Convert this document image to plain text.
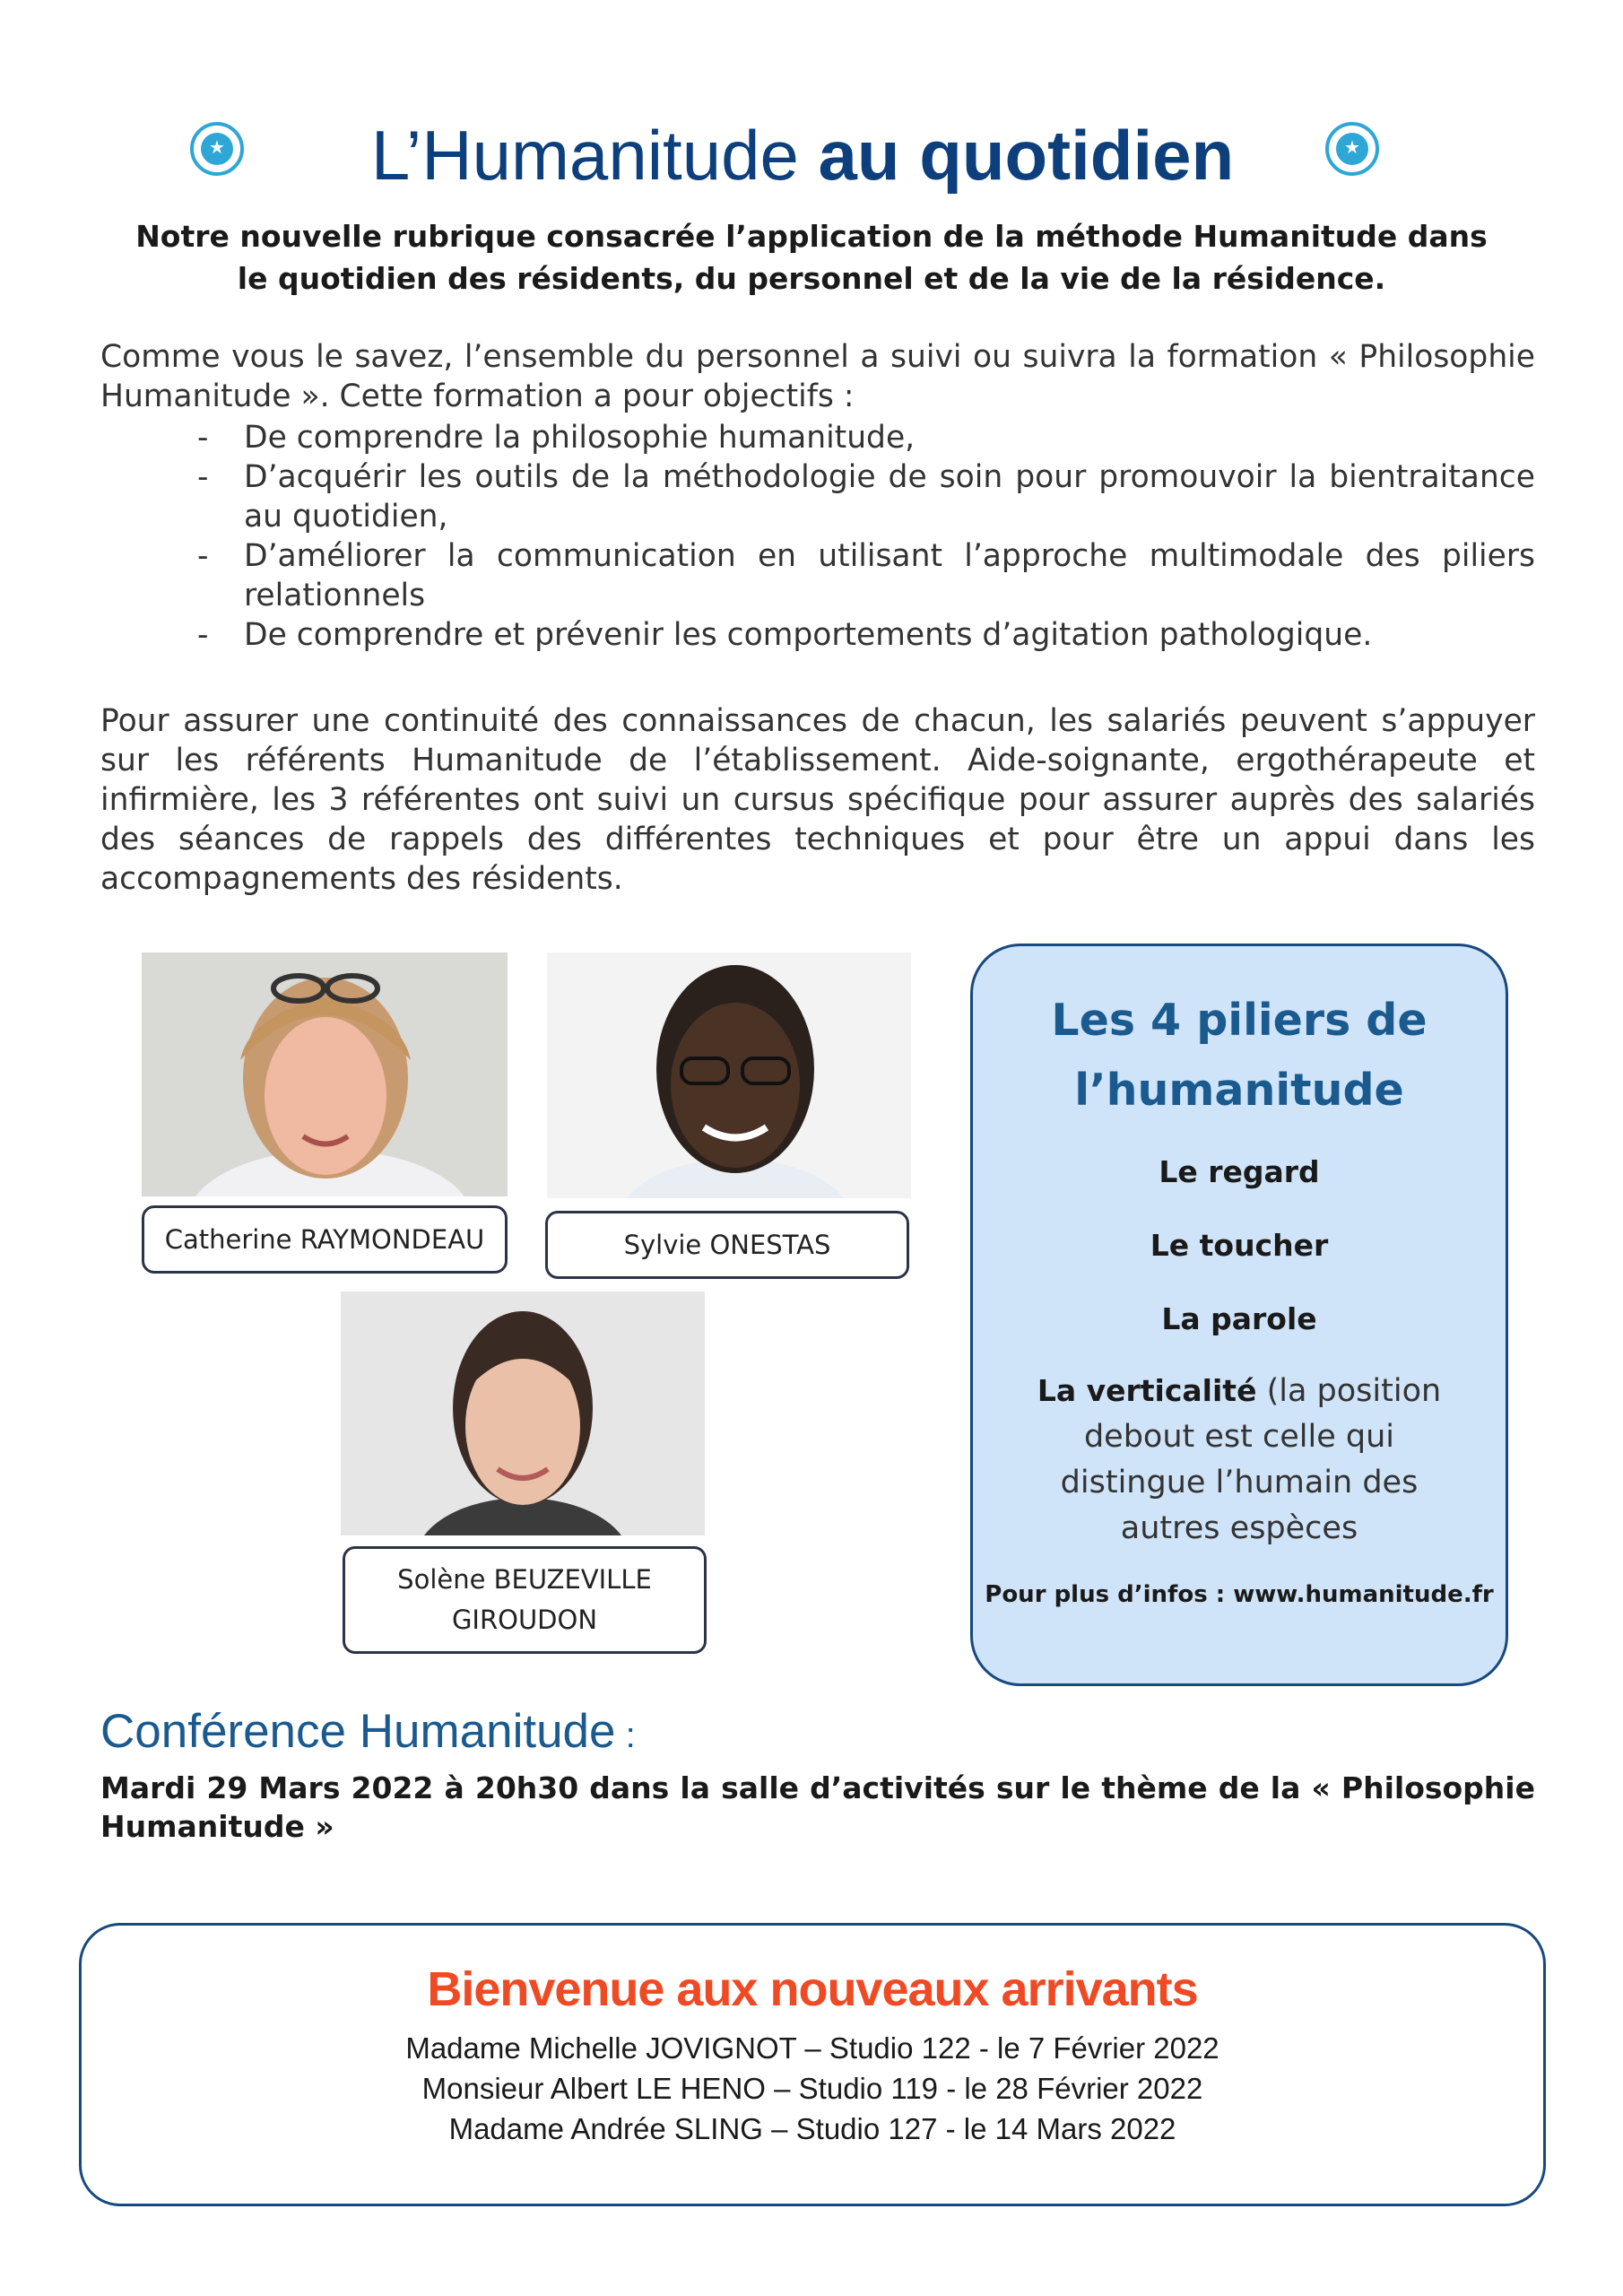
★	★
L’Humanitude au quotidien
Notre nouvelle rubrique consacrée l’application de la méthode Humanitude dans le quotidien des résidents, du personnel et de la vie de la résidence.
Comme vous le savez, l’ensemble du personnel a suivi ou suivra la formation « Philosophie Humanitude ». Cette formation a pour objectifs :
- De comprendre la philosophie humanitude,
- D’acquérir les outils de la méthodologie de soin pour promouvoir la bientraitance au quotidien,
- D’améliorer la communication en utilisant l’approche multimodale des piliers relationnels
- De comprendre et prévenir les comportements d’agitation pathologique.
Pour assurer une continuité des connaissances de chacun, les salariés peuvent s’appuyer sur les référents Humanitude de l’établissement. Aide-soignante, ergothérapeute et infirmière, les 3 référentes ont suivi un cursus spécifique pour assurer auprès des salariés des séances de rappels des différentes techniques et pour être un appui dans les accompagnements des résidents.
Catherine RAYMONDEAU	Sylvie ONESTAS
Solène BEUZEVILLE
GIROUDON
Les 4 piliers de
l’humanitude
Le regard
Le toucher
La parole
La verticalité (la position debout est celle qui distingue l’humain des autres espèces
Pour plus d’infos : www.humanitude.fr
Conférence Humanitude :
Mardi 29 Mars 2022 à 20h30 dans la salle d’activités sur le thème de la « Philosophie Humanitude »
Bienvenue aux nouveaux arrivants
Madame Michelle JOVIGNOT – Studio 122 - le 7 Février 2022
Monsieur Albert LE HENO – Studio 119 - le 28 Février 2022
Madame Andrée SLING – Studio 127 - le 14 Mars 2022
